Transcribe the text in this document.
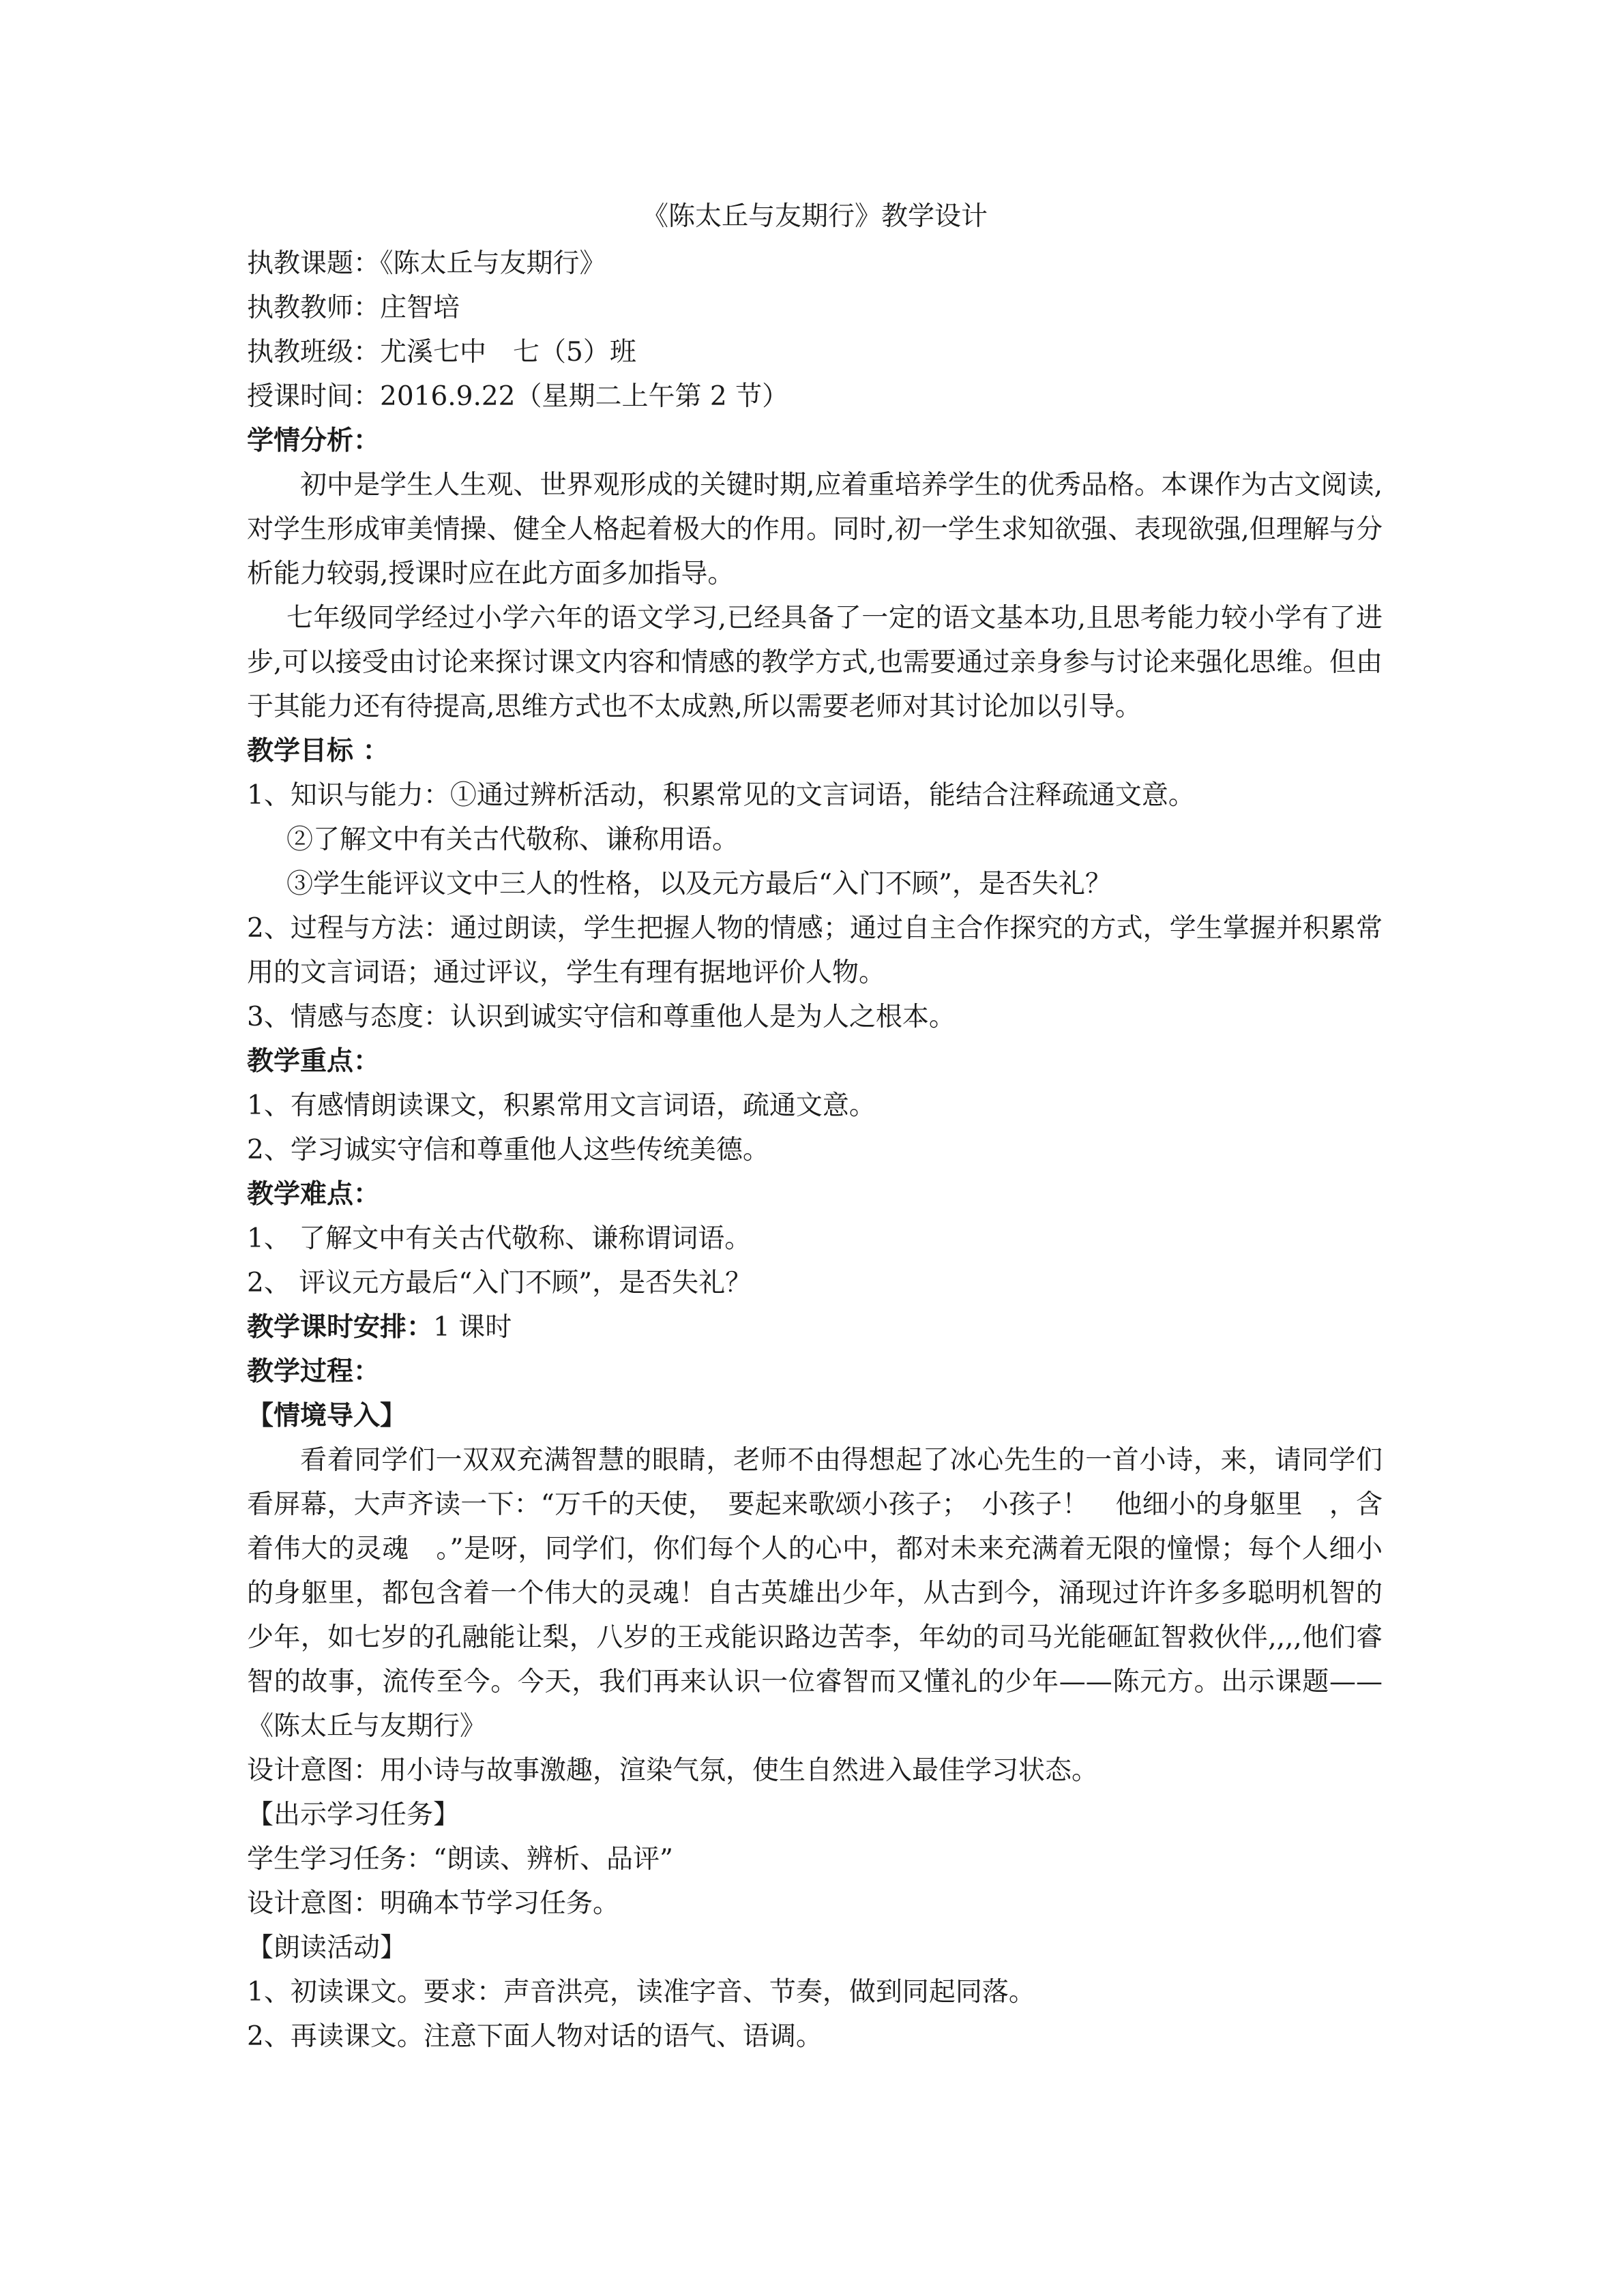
《陈太丘与友期行》教学设计
执教课题：《陈太丘与友期行》
执教教师：庄智培
执教班级：尤溪七中　七（5）班
授课时间：2016.9.22（星期二上午第 2 节）
学情分析：
初中是学生人生观、世界观形成的关键时期,应着重培养学生的优秀品格。本课作为古文阅读,对学生形成审美情操、健全人格起着极大的作用。同时,初一学生求知欲强、表现欲强,但理解与分析能力较弱,授课时应在此方面多加指导。
七年级同学经过小学六年的语文学习,已经具备了一定的语文基本功,且思考能力较小学有了进步,可以接受由讨论来探讨课文内容和情感的教学方式,也需要通过亲身参与讨论来强化思维。但由于其能力还有待提高,思维方式也不太成熟,所以需要老师对其讨论加以引导。
教学目标 ：
1、知识与能力：①通过辨析活动，积累常见的文言词语，能结合注释疏通文意。
②了解文中有关古代敬称、谦称用语。
③学生能评议文中三人的性格，以及元方最后“入门不顾”，是否失礼？
2、过程与方法：通过朗读，学生把握人物的情感；通过自主合作探究的方式，学生掌握并积累常用的文言词语；通过评议，学生有理有据地评价人物。
3、情感与态度：认识到诚实守信和尊重他人是为人之根本。
教学重点：
1、有感情朗读课文，积累常用文言词语，疏通文意。
2、学习诚实守信和尊重他人这些传统美德。
教学难点：
1、 了解文中有关古代敬称、谦称谓词语。
2、 评议元方最后“入门不顾”，是否失礼？
教学课时安排：1 课时
教学过程：
【情境导入】
看着同学们一双双充满智慧的眼睛，老师不由得想起了冰心先生的一首小诗，来，请同学们看屏幕，大声齐读一下：“万千的天使，　要起来歌颂小孩子；　小孩子！　他细小的身躯里　，含着伟大的灵魂　。”是呀，同学们，你们每个人的心中，都对未来充满着无限的憧憬；每个人细小的身躯里，都包含着一个伟大的灵魂！自古英雄出少年，从古到今，涌现过许许多多聪明机智的少年，如七岁的孔融能让梨，八岁的王戎能识路边苦李，年幼的司马光能砸缸智救伙伴,,,,他们睿智的故事，流传至今。今天，我们再来认识一位睿智而又懂礼的少年——陈元方。出示课题——《陈太丘与友期行》
设计意图：用小诗与故事激趣，渲染气氛，使生自然进入最佳学习状态。
【出示学习任务】
学生学习任务：“朗读、辨析、品评”
设计意图：明确本节学习任务。
【朗读活动】
1、初读课文。要求：声音洪亮，读准字音、节奏，做到同起同落。
2、再读课文。注意下面人物对话的语气、语调。
